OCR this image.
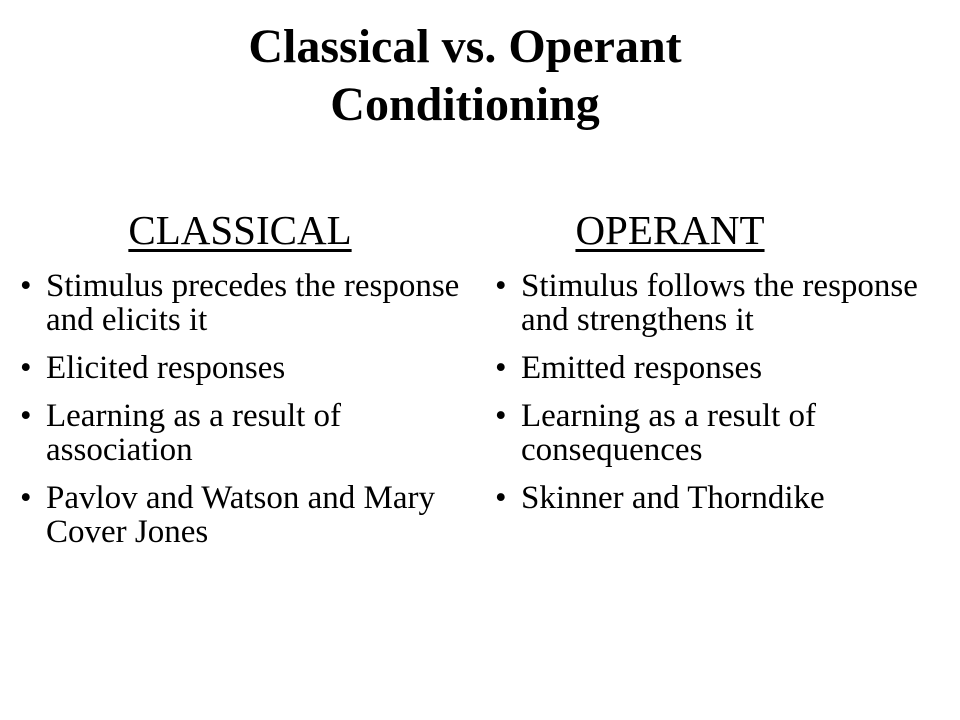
Classical vs. Operant
Conditioning
CLASSICAL
• Stimulus precedes the response and elicits it
• Elicited responses
• Learning as a result of association
• Pavlov and Watson and Mary Cover Jones
OPERANT
• Stimulus follows the response and strengthens it
• Emitted responses
• Learning as a result of consequences
• Skinner and Thorndike
